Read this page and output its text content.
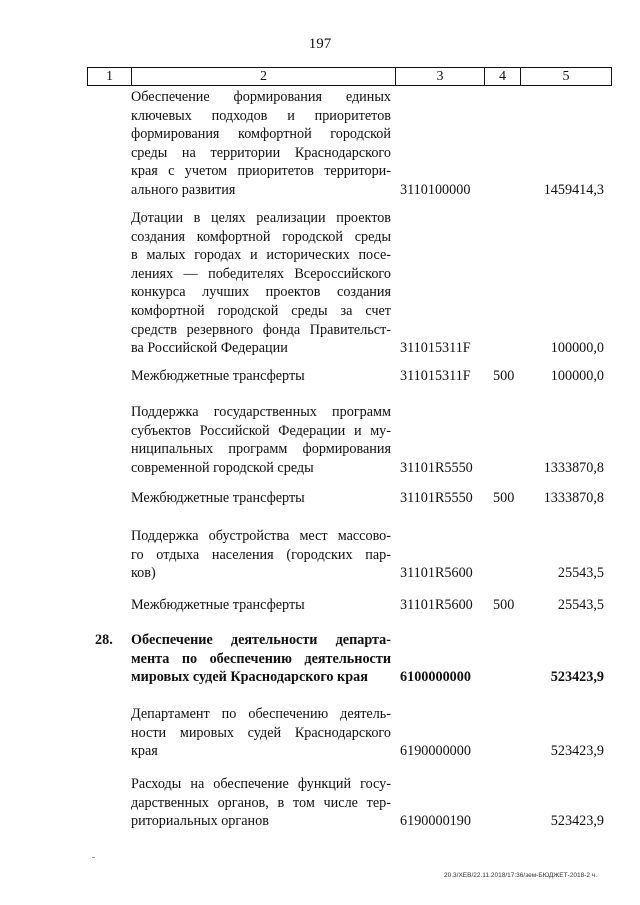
197
1	2	3	4	5
Обеспечение формирования единых
ключевых подходов и приоритетов
формирования комфортной городской
среды на территории Краснодарского
края с учетом приоритетов территори-
ального развития	3110100000	1459414,3
Дотации в целях реализации проектов
создания комфортной городской среды
в малых городах и исторических посе-
лениях — победителях Всероссийского
конкурса лучших проектов создания
комфортной городской среды за счет
средств резервного фонда Правительст-
ва Российской Федерации	311015311F	100000,0
Межбюджетные трансферты	311015311F 500	100000,0
Поддержка государственных программ
субъектов Российской Федерации и му-
ниципальных программ формирования
современной городской среды	31101R5550	1333870,8
Межбюджетные трансферты	31101R5550 500 1333870,8
Поддержка обустройства мест массово-
го отдыха населения (городских пар-
ков)	31101R5600	25543,5
Межбюджетные трансферты	31101R5600 500	25543,5
28. Обеспечение деятельности департа-
мента по обеспечению деятельности
мировых судей Краснодарского края	6100000000	523423,9
Департамент по обеспечению деятель-
ности мировых судей Краснодарского
края	6190000000	523423,9
Расходы на обеспечение функций госу-
дарственных органов, в том числе тер-
риториальных органов	6190000190	523423,9
20.3/ХЕВ/22.11.2018/17:36/зем-БЮДЖЕТ-2018-2 ч.
